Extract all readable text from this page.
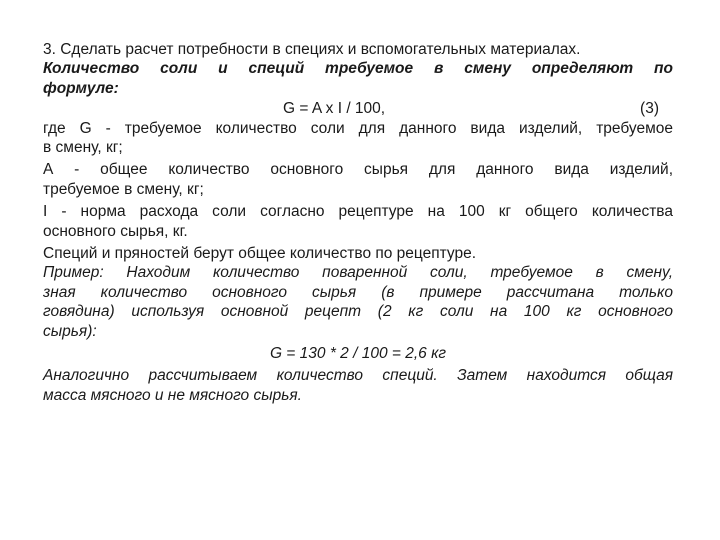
3. Сделать расчет потребности в специях и вспомогательных материалах.

Количество соли и специй требуемое в смену определяют по

формуле:

G = A x I / 100,	(3)

где G - требуемое количество соли для данного вида изделий, требуемое

в смену, кг;

А - общее количество основного сырья для данного вида изделий,

требуемое в смену, кг;

I - норма расхода соли согласно рецептуре на 100 кг общего количества

основного сырья, кг.

Специй и пряностей берут общее количество по рецептуре.

Пример: Находим количество поваренной соли, требуемое в смену,

зная количество основного сырья (в примере рассчитана только

говядина) используя основной рецепт (2 кг соли на 100 кг основного

сырья):

G = 130 * 2 / 100 = 2,6 кг

Аналогично рассчитываем количество специй. Затем находится общая

масса мясного и не мясного сырья.
